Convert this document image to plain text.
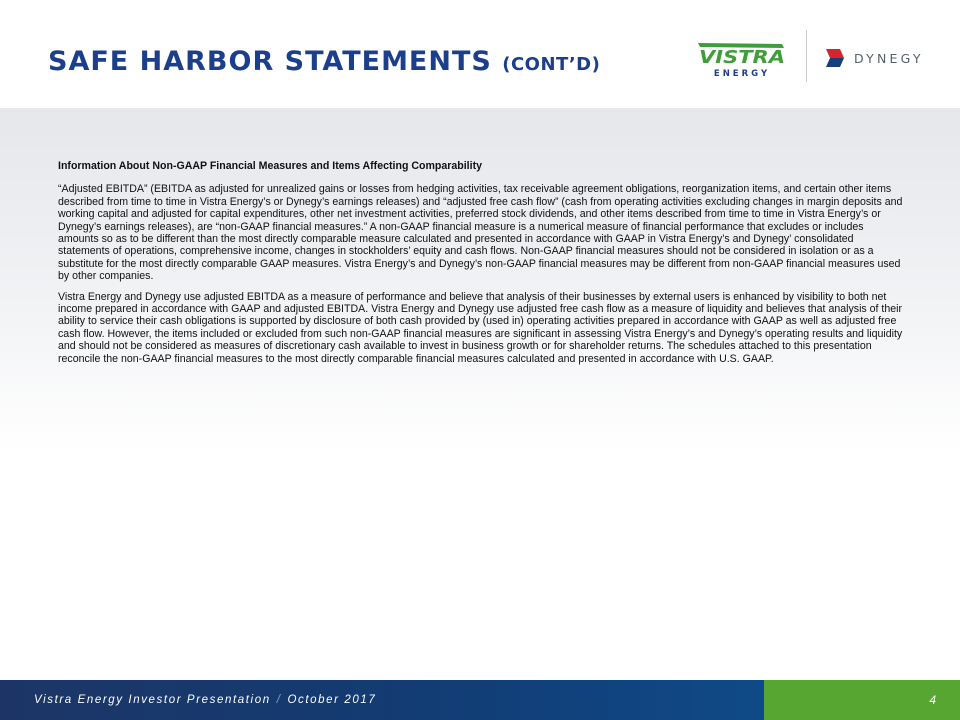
SAFE HARBOR STATEMENTS (CONT’D)	VISTRA
ENERGY
DYNEGY
Information About Non-GAAP Financial Measures and Items Affecting Comparability

“Adjusted EBITDA” (EBITDA as adjusted for unrealized gains or losses from hedging activities, tax receivable agreement obligations, reorganization items, and certain other items described from time to time in Vistra Energy’s or Dynegy’s earnings releases) and “adjusted free cash flow” (cash from operating activities excluding changes in margin deposits and working capital and adjusted for capital expenditures, other net investment activities, preferred stock dividends, and other items described from time to time in Vistra Energy’s or Dynegy’s earnings releases), are “non-GAAP financial measures.” A non-GAAP financial measure is a numerical measure of financial performance that excludes or includes amounts so as to be different than the most directly comparable measure calculated and presented in accordance with GAAP in Vistra Energy’s and Dynegy’ consolidated statements of operations, comprehensive income, changes in stockholders’ equity and cash flows. Non-GAAP financial measures should not be considered in isolation or as a substitute for the most directly comparable GAAP measures. Vistra Energy’s and Dynegy’s non-GAAP financial measures may be different from non-GAAP financial measures used by other companies.

Vistra Energy and Dynegy use adjusted EBITDA as a measure of performance and believe that analysis of their businesses by external users is enhanced by visibility to both net income prepared in accordance with GAAP and adjusted EBITDA. Vistra Energy and Dynegy use adjusted free cash flow as a measure of liquidity and believes that analysis of their ability to service their cash obligations is supported by disclosure of both cash provided by (used in) operating activities prepared in accordance with GAAP as well as adjusted free cash flow. However, the items included or excluded from such non-GAAP financial measures are significant in assessing Vistra Energy’s and Dynegy’s operating results and liquidity and should not be considered as measures of discretionary cash available to invest in business growth or for shareholder returns. The schedules attached to this presentation reconcile the non-GAAP financial measures to the most directly comparable financial measures calculated and presented in accordance with U.S. GAAP.

Vistra Energy Investor Presentation / October 2017	4
